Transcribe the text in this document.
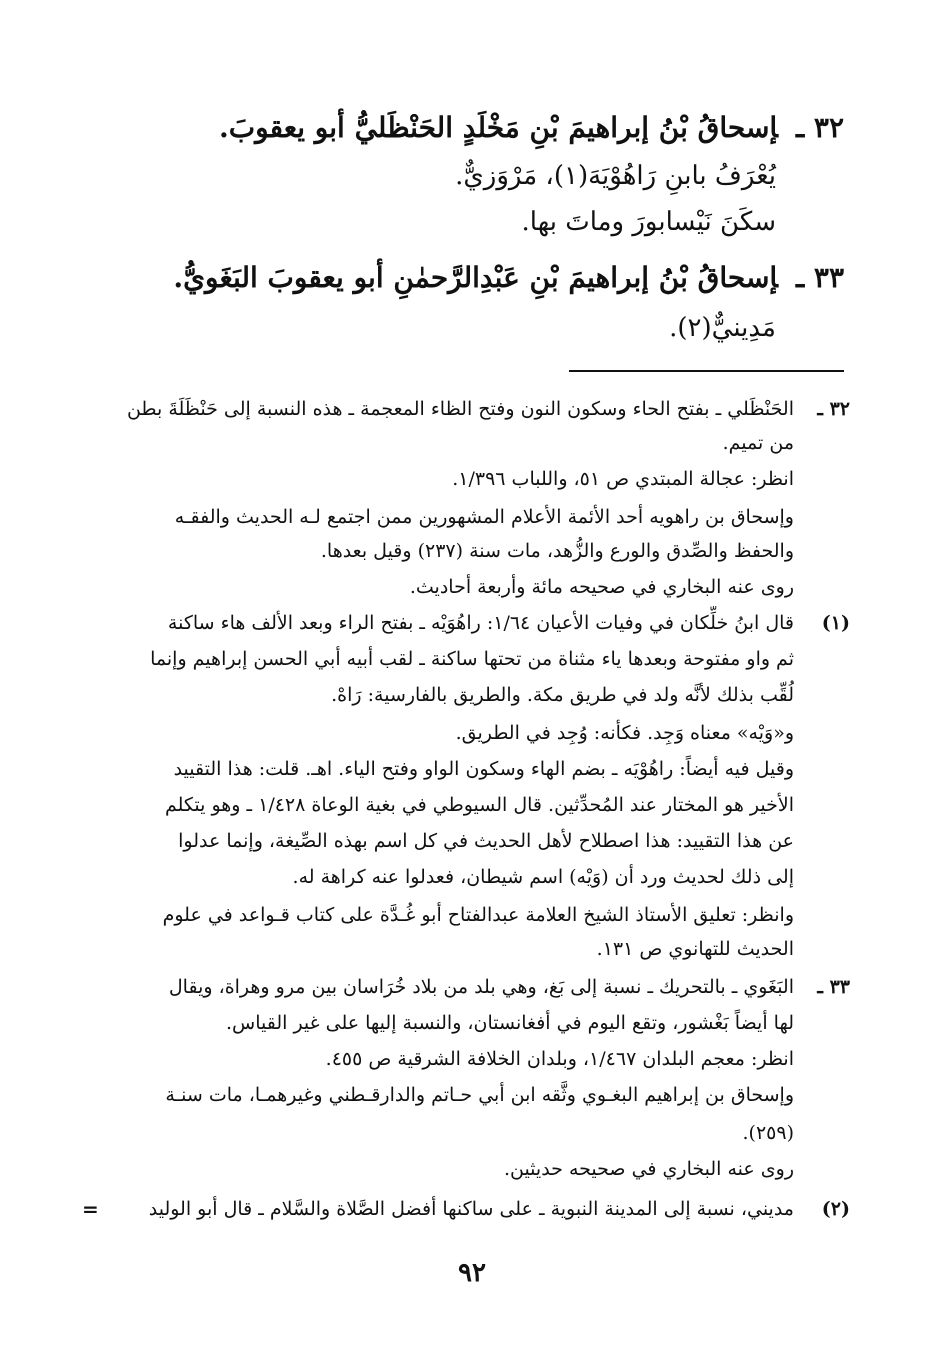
٣٢ ـإسحاقُ بْنُ إبراهيمَ بْنِ مَخْلَدٍ الحَنْظَليُّ أبو يعقوبَ.
يُعْرَفُ بابنِ رَاهُوْيَهَ(١)، مَرْوَزيٌّ.
سكَنَ نَيْسابورَ وماتَ بها.
٣٣ ـإسحاقُ بْنُ إبراهيمَ بْنِ عَبْدِالرَّحمٰنِ أبو يعقوبَ البَغَويُّ.
مَدِينيٌّ(٢).
٣٢ ـ
الحَنْظَلي ـ بفتح الحاء وسكون النون وفتح الظاء المعجمة ـ هذه النسبة إلى حَنْظَلَةَ بطن
من تميم.
انظر: عجالة المبتدي ص ٥١، واللباب ١/٣٩٦.
وإسحاق بن راهويه أحد الأئمة الأعلام المشهورين ممن اجتمع لـه الحديث والفقـه
والحفظ والصِّدق والورع والزُّهد، مات سنة (٢٣٧) وقيل بعدها.
روى عنه البخاري في صحيحه مائة وأربعة أحاديث.
(١)
قال ابنُ خلِّكان في وفيات الأعيان ١/٦٤: راهُوَيْه ـ بفتح الراء وبعد الألف هاء ساكنة
ثم واو مفتوحة وبعدها ياء مثناة من تحتها ساكنة ـ لقب أبيه أبي الحسن إبراهيم وإنما
لُقِّب بذلك لأنَّه ولد في طريق مكة. والطريق بالفارسية: رَاهْ.
و«وَيْه» معناه وَجِد. فكأنه: وُجِد في الطريق.
وقيل فيه أيضاً: راهُوْيَه ـ بضم الهاء وسكون الواو وفتح الياء. اهـ. قلت: هذا التقييد
الأخير هو المختار عند المُحدِّثين. قال السيوطي في بغية الوعاة ١/٤٢٨ ـ وهو يتكلم
عن هذا التقييد: هذا اصطلاح لأهل الحديث في كل اسم بهذه الصِّيغة، وإنما عدلوا
إلى ذلك لحديث ورد أن (وَيْه) اسم شيطان، فعدلوا عنه كراهة له.
وانظر: تعليق الأستاذ الشيخ العلامة عبدالفتاح أبو غُـدَّة على كتاب قـواعد في علوم
الحديث للتهانوي ص ١٣١.
٣٣ ـ
البَغَوي ـ بالتحريك ـ نسبة إلى بَغ، وهي بلد من بلاد خُرَاسان بين مرو وهراة، ويقال
لها أيضاً بَغْشور، وتقع اليوم في أفغانستان، والنسبة إليها على غير القياس.
انظر: معجم البلدان ١/٤٦٧، وبلدان الخلافة الشرقية ص ٤٥٥.
وإسحاق بن إبراهيم البغـوي وثَّقه ابن أبي حـاتم والدارقـطني وغيرهمـا، مات سنـة
(٢٥٩).
روى عنه البخاري في صحيحه حديثين.
(٢)
مديني، نسبة إلى المدينة النبوية ـ على ساكنها أفضل الصَّلاة والسَّلام ـ قال أبو الوليد
=
٩٢
